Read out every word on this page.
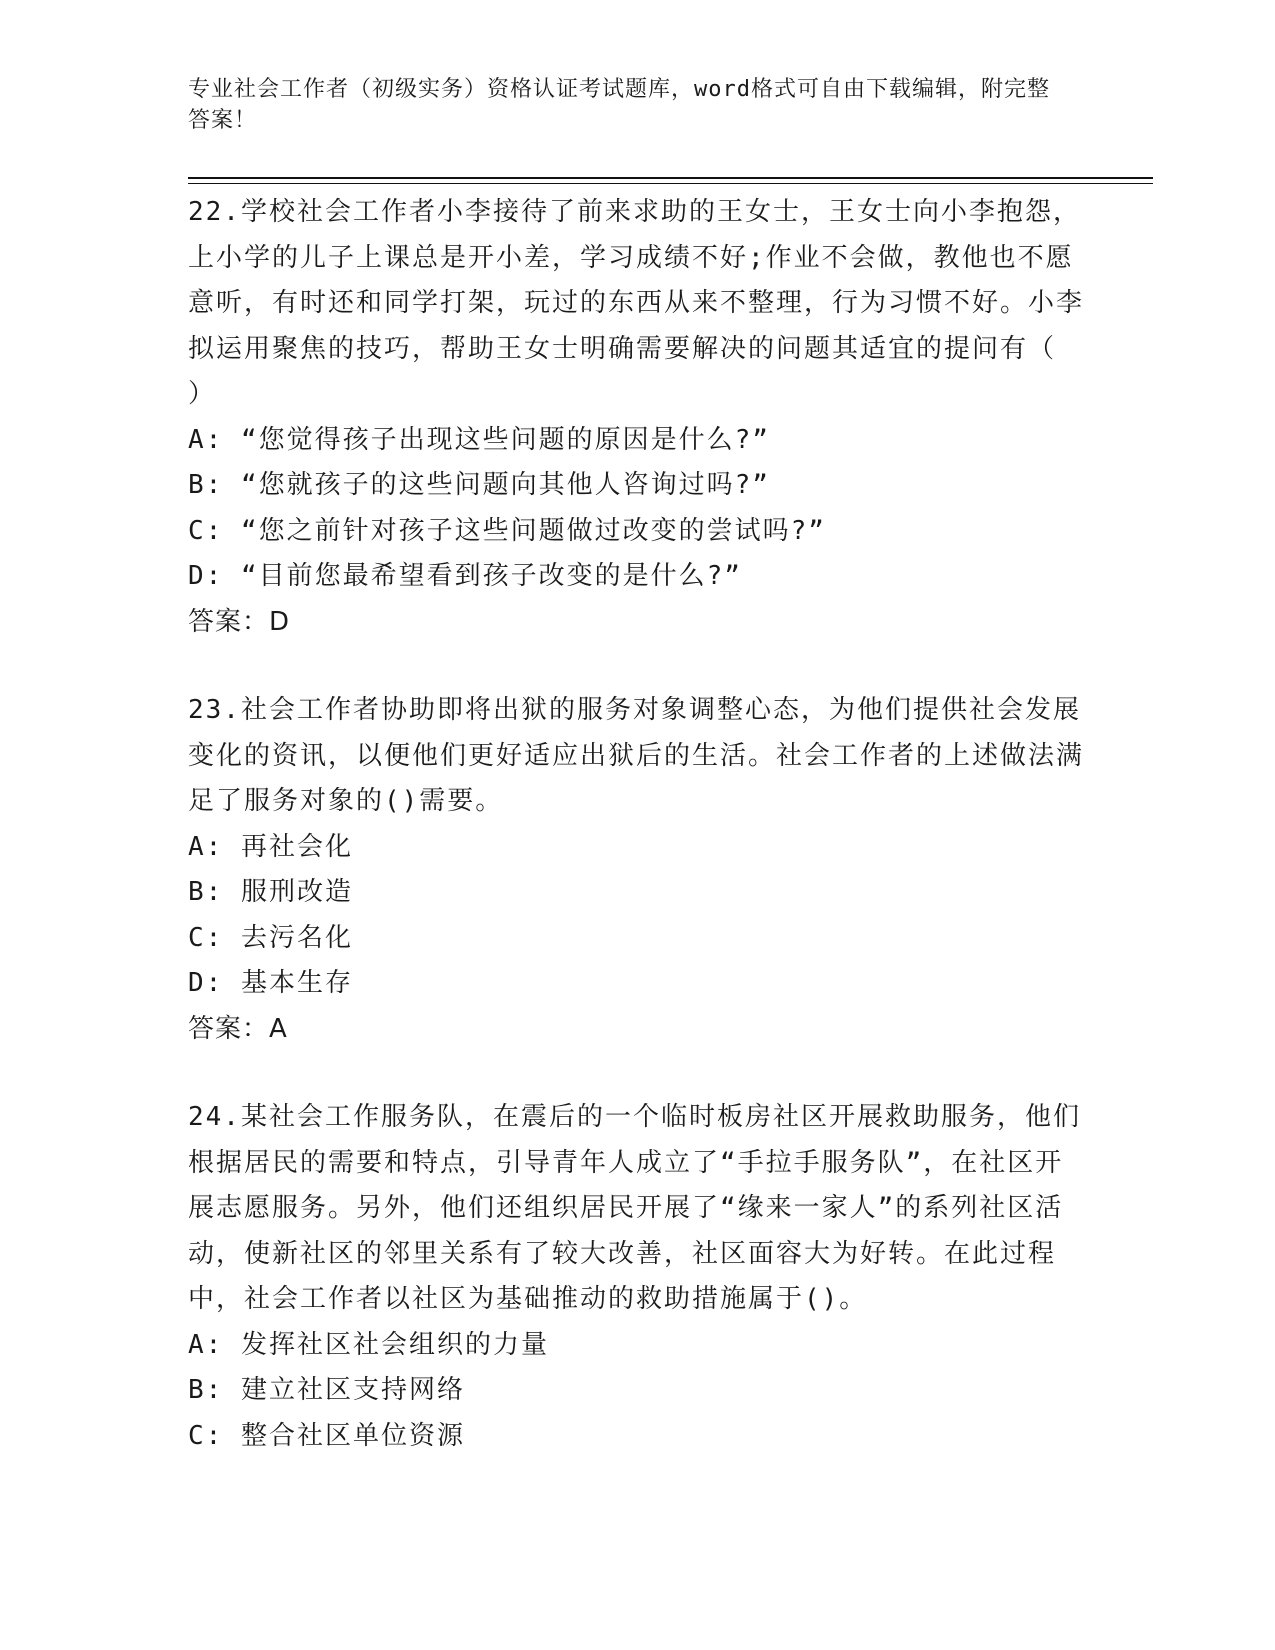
专业社会工作者（初级实务）资格认证考试题库，word格式可自由下载编辑，附完整答案！

22.学校社会工作者小李接待了前来求助的王女士，王女士向小李抱怨，上小学的儿子上课总是开小差，学习成绩不好;作业不会做，教他也不愿意听，有时还和同学打架，玩过的东西从来不整理，行为习惯不好。小李拟运用聚焦的技巧，帮助王女士明确需要解决的问题其适宜的提问有（ ）

A: “您觉得孩子出现这些问题的原因是什么?”

B: “您就孩子的这些问题向其他人咨询过吗?”

C: “您之前针对孩子这些问题做过改变的尝试吗?”

D: “目前您最希望看到孩子改变的是什么?”

答案：D

23.社会工作者协助即将出狱的服务对象调整心态，为他们提供社会发展变化的资讯，以便他们更好适应出狱后的生活。社会工作者的上述做法满足了服务对象的()需要。

A: 再社会化

B: 服刑改造

C: 去污名化

D: 基本生存

答案：A

24.某社会工作服务队，在震后的一个临时板房社区开展救助服务，他们根据居民的需要和特点，引导青年人成立了“手拉手服务队”，在社区开展志愿服务。另外，他们还组织居民开展了“缘来一家人”的系列社区活动，使新社区的邻里关系有了较大改善，社区面容大为好转。在此过程中，社会工作者以社区为基础推动的救助措施属于()。

A: 发挥社区社会组织的力量

B: 建立社区支持网络

C: 整合社区单位资源
